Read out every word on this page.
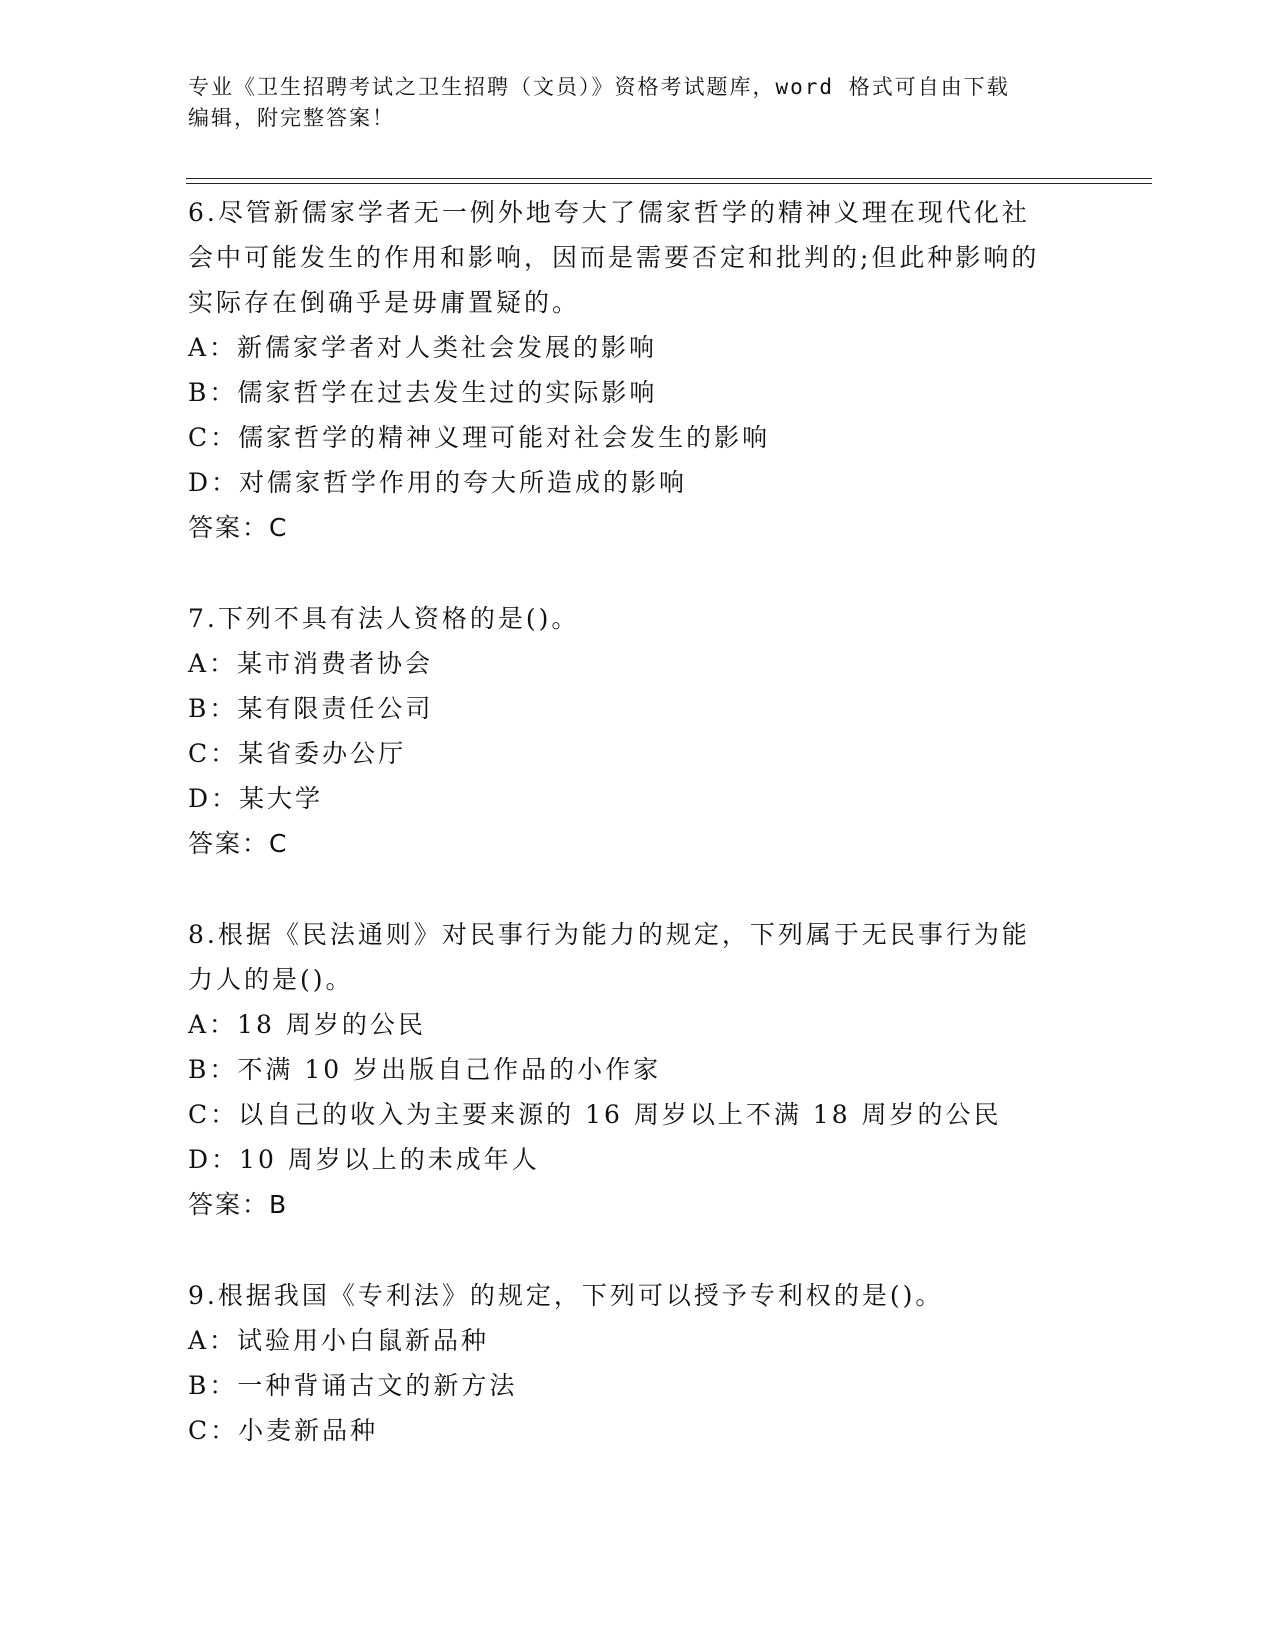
专业《卫生招聘考试之卫生招聘（文员）》资格考试题库，word 格式可自由下载
编辑，附完整答案！
6.尽管新儒家学者无一例外地夸大了儒家哲学的精神义理在现代化社
会中可能发生的作用和影响，因而是需要否定和批判的;但此种影响的
实际存在倒确乎是毋庸置疑的。
A：新儒家学者对人类社会发展的影响
B：儒家哲学在过去发生过的实际影响
C：儒家哲学的精神义理可能对社会发生的影响
D：对儒家哲学作用的夸大所造成的影响
答案：C
7.下列不具有法人资格的是()。
A：某市消费者协会
B：某有限责任公司
C：某省委办公厅
D：某大学
答案：C
8.根据《民法通则》对民事行为能力的规定，下列属于无民事行为能
力人的是()。
A：18 周岁的公民
B：不满 10 岁出版自己作品的小作家
C：以自己的收入为主要来源的 16 周岁以上不满 18 周岁的公民
D：10 周岁以上的未成年人
答案：B
9.根据我国《专利法》的规定，下列可以授予专利权的是()。
A：试验用小白鼠新品种
B：一种背诵古文的新方法
C：小麦新品种
